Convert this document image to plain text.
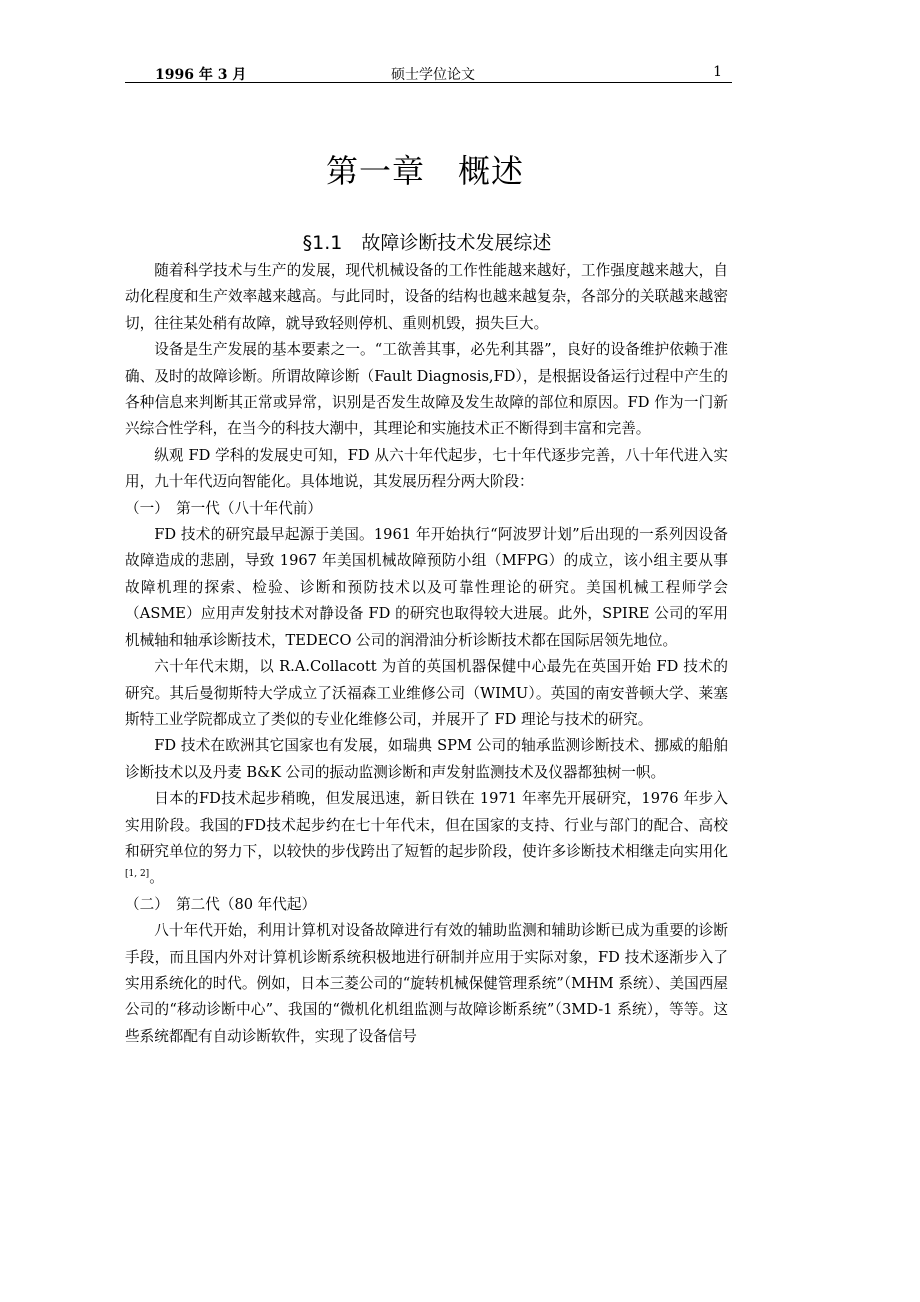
1996 年 3 月	硕士学位论文	1
第一章　概述
§1.1　故障诊断技术发展综述

随着科学技术与生产的发展，现代机械设备的工作性能越来越好，工作强度越来越大，自动化程度和生产效率越来越高。与此同时，设备的结构也越来越复杂，各部分的关联越来越密切，往往某处稍有故障，就导致轻则停机、重则机毁，损失巨大。

设备是生产发展的基本要素之一。“工欲善其事，必先利其器”，良好的设备维护依赖于准确、及时的故障诊断。所谓故障诊断（Fault Diagnosis,FD），是根据设备运行过程中产生的各种信息来判断其正常或异常，识别是否发生故障及发生故障的部位和原因。FD 作为一门新兴综合性学科，在当今的科技大潮中，其理论和实施技术正不断得到丰富和完善。

纵观 FD 学科的发展史可知，FD 从六十年代起步，七十年代逐步完善，八十年代进入实用，九十年代迈向智能化。具体地说，其发展历程分两大阶段：

（一）　第一代（八十年代前）

FD 技术的研究最早起源于美国。1961 年开始执行“阿波罗计划”后出现的一系列因设备故障造成的悲剧，导致 1967 年美国机械故障预防小组（MFPG）的成立，该小组主要从事故障机理的探索、检验、诊断和预防技术以及可靠性理论的研究。美国机械工程师学会（ASME）应用声发射技术对静设备 FD 的研究也取得较大进展。此外，SPIRE 公司的军用机械轴和轴承诊断技术，TEDECO 公司的润滑油分析诊断技术都在国际居领先地位。

六十年代末期，以 R.A.Collacott 为首的英国机器保健中心最先在英国开始 FD 技术的研究。其后曼彻斯特大学成立了沃福森工业维修公司（WIMU）。英国的南安普顿大学、莱塞斯特工业学院都成立了类似的专业化维修公司，并展开了 FD 理论与技术的研究。

FD 技术在欧洲其它国家也有发展，如瑞典 SPM 公司的轴承监测诊断技术、挪威的船舶诊断技术以及丹麦 B&K 公司的振动监测诊断和声发射监测技术及仪器都独树一帜。

日本的FD技术起步稍晚，但发展迅速，新日铁在 1971 年率先开展研究，1976 年步入实用阶段。我国的FD技术起步约在七十年代末，但在国家的支持、行业与部门的配合、高校和研究单位的努力下，以较快的步伐跨出了短暂的起步阶段，使许多诊断技术相继走向实用化[1, 2]。

（二）　第二代（80 年代起）

八十年代开始，利用计算机对设备故障进行有效的辅助监测和辅助诊断已成为重要的诊断手段，而且国内外对计算机诊断系统积极地进行研制并应用于实际对象，FD 技术逐渐步入了实用系统化的时代。例如，日本三菱公司的“旋转机械保健管理系统”（MHM 系统）、美国西屋公司的“移动诊断中心”、我国的“微机化机组监测与故障诊断系统”（3MD-1 系统），等等。这些系统都配有自动诊断软件，实现了设备信号
